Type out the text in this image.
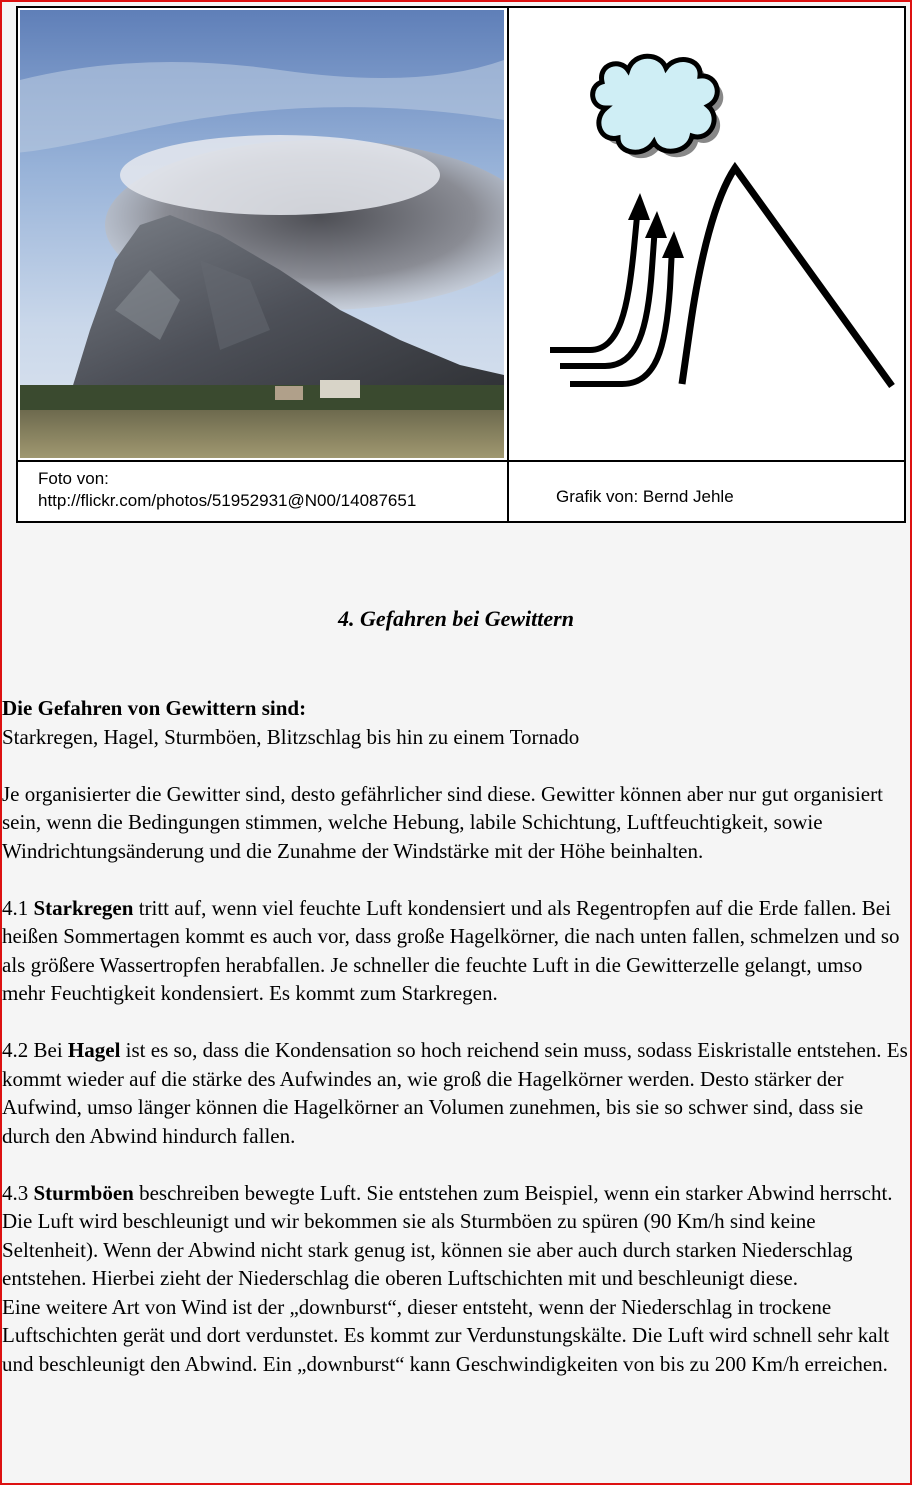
Foto von:
http://flickr.com/photos/51952931@N00/14087651	Grafik von: Bernd Jehle
4. Gefahren bei Gewittern

Die Gefahren von Gewittern sind:

Starkregen, Hagel, Sturmböen, Blitzschlag bis hin zu einem Tornado

Je organisierter die Gewitter sind, desto gefährlicher sind diese. Gewitter können aber nur gut organisiert sein, wenn die Bedingungen stimmen, welche Hebung, labile Schichtung, Luftfeuchtigkeit, sowie Windrichtungsänderung und die Zunahme der Windstärke mit der Höhe beinhalten.

4.1 Starkregen tritt auf, wenn viel feuchte Luft kondensiert und als Regentropfen auf die Erde fallen. Bei heißen Sommertagen kommt es auch vor, dass große Hagelkörner, die nach unten fallen, schmelzen und so als größere Wassertropfen herabfallen. Je schneller die feuchte Luft in die Gewitterzelle gelangt, umso mehr Feuchtigkeit kondensiert. Es kommt zum Starkregen.

4.2 Bei Hagel ist es so, dass die Kondensation so hoch reichend sein muss, sodass Eiskristalle entstehen. Es kommt wieder auf die stärke des Aufwindes an, wie groß die Hagelkörner werden. Desto stärker der Aufwind, umso länger können die Hagelkörner an Volumen zunehmen, bis sie so schwer sind, dass sie durch den Abwind hindurch fallen.

4.3 Sturmböen beschreiben bewegte Luft. Sie entstehen zum Beispiel, wenn ein starker Abwind herrscht. Die Luft wird beschleunigt und wir bekommen sie als Sturmböen zu spüren (90 Km/h sind keine Seltenheit). Wenn der Abwind nicht stark genug ist, können sie aber auch durch starken Niederschlag entstehen. Hierbei zieht der Niederschlag die oberen Luftschichten mit und beschleunigt diese.

Eine weitere Art von Wind ist der „downburst“, dieser entsteht, wenn der Niederschlag in trockene Luftschichten gerät und dort verdunstet. Es kommt zur Verdunstungskälte. Die Luft wird schnell sehr kalt und beschleunigt den Abwind. Ein „downburst“ kann Geschwindigkeiten von bis zu 200 Km/h erreichen.
